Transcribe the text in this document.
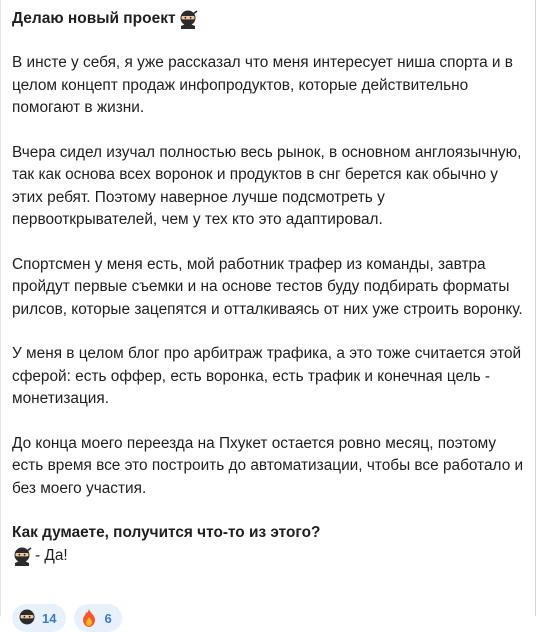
Делаю новый проект
В инсте у себя, я уже рассказал что меня интересует ниша спорта и в целом концепт продаж инфопродуктов, которые действительно помогают в жизни.
Вчера сидел изучал полностью весь рынок, в основном англоязычную, так как основа всех воронок и продуктов в снг берется как обычно у этих ребят. Поэтому наверное лучше подсмотреть у первооткрывателей, чем у тех кто это адаптировал.
Спортсмен у меня есть, мой работник трафер из команды, завтра пройдут первые съемки и на основе тестов буду подбирать форматы рилсов, которые зацепятся и отталкиваясь от них уже строить воронку.
У меня в целом блог про арбитраж трафика, а это тоже считается этой сферой: есть оффер, есть воронка, есть трафик и конечная цель - монетизация.
До конца моего переезда на Пхукет остается ровно месяц, поэтому есть время все это построить до автоматизации, чтобы все работало и без моего участия.
Как думаете, получится что-то из этого?
- Да!
14	6
